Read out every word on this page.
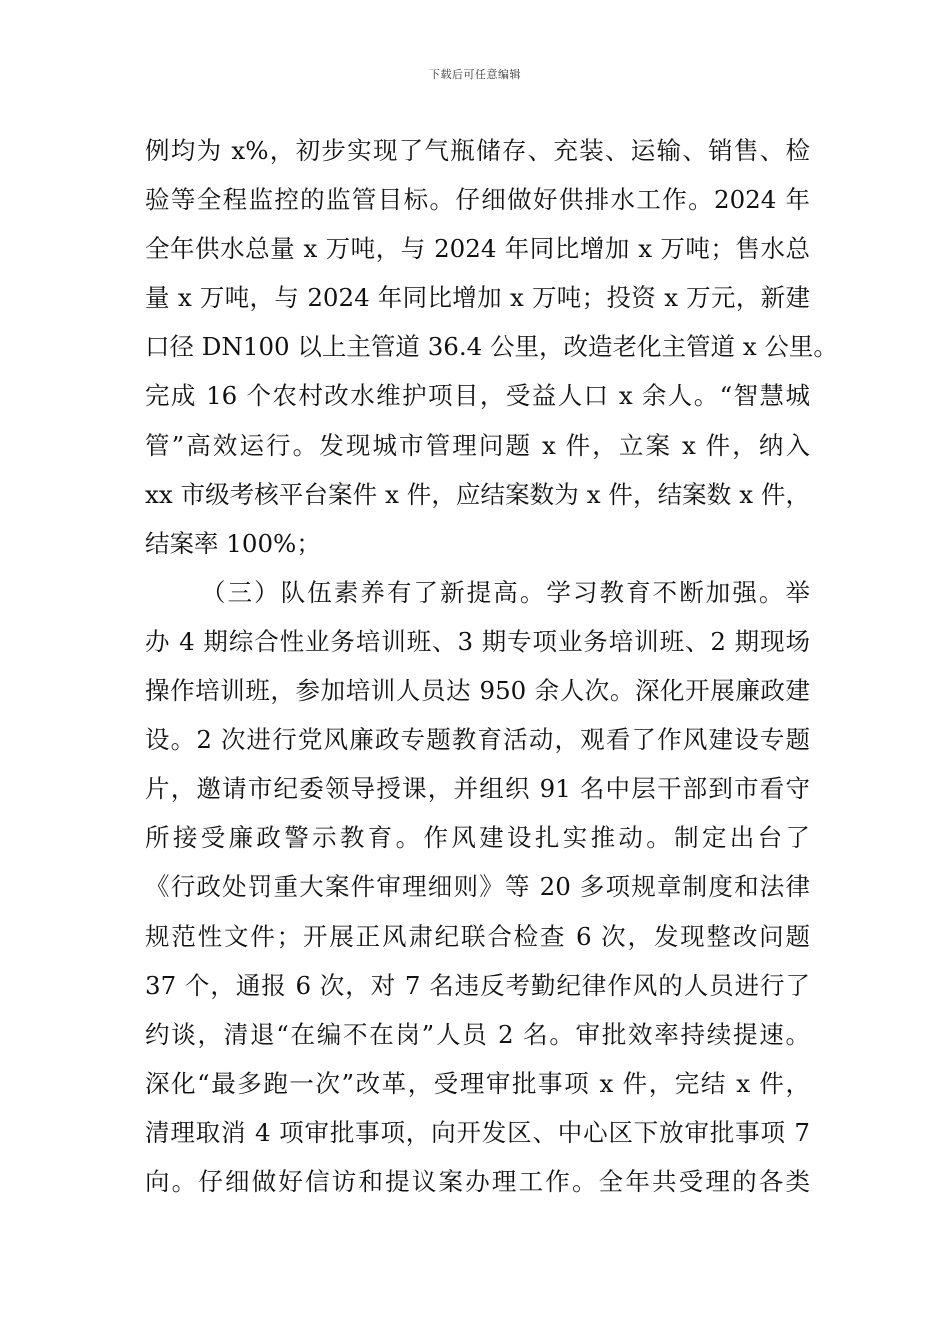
下载后可任意编辑
例均为 x%，初步实现了气瓶储存、充装、运输、销售、检
验等全程监控的监管目标。仔细做好供排水工作。2024 年
全年供水总量 x 万吨，与 2024 年同比增加 x 万吨；售水总
量 x 万吨，与 2024 年同比增加 x 万吨；投资 x 万元，新建
口径 DN100 以上主管道 36.4 公里，改造老化主管道 x 公里。
完成 16 个农村改水维护项目，受益人口 x 余人。“智慧城
管”高效运行。发现城市管理问题 x 件，立案 x 件，纳入
xx 市级考核平台案件 x 件，应结案数为 x 件，结案数 x 件，
结案率 100%；
（三）队伍素养有了新提高。学习教育不断加强。举
办 4 期综合性业务培训班、3 期专项业务培训班、2 期现场
操作培训班，参加培训人员达 950 余人次。深化开展廉政建
设。2 次进行党风廉政专题教育活动，观看了作风建设专题
片，邀请市纪委领导授课，并组织 91 名中层干部到市看守
所接受廉政警示教育。作风建设扎实推动。制定出台了
《行政处罚重大案件审理细则》等 20 多项规章制度和法律
规范性文件；开展正风肃纪联合检查 6 次，发现整改问题
37 个，通报 6 次，对 7 名违反考勤纪律作风的人员进行了
约谈，清退“在编不在岗”人员 2 名。审批效率持续提速。
深化“最多跑一次”改革，受理审批事项 x 件，完结 x 件，
清理取消 4 项审批事项，向开发区、中心区下放审批事项 7
向。仔细做好信访和提议案办理工作。全年共受理的各类
